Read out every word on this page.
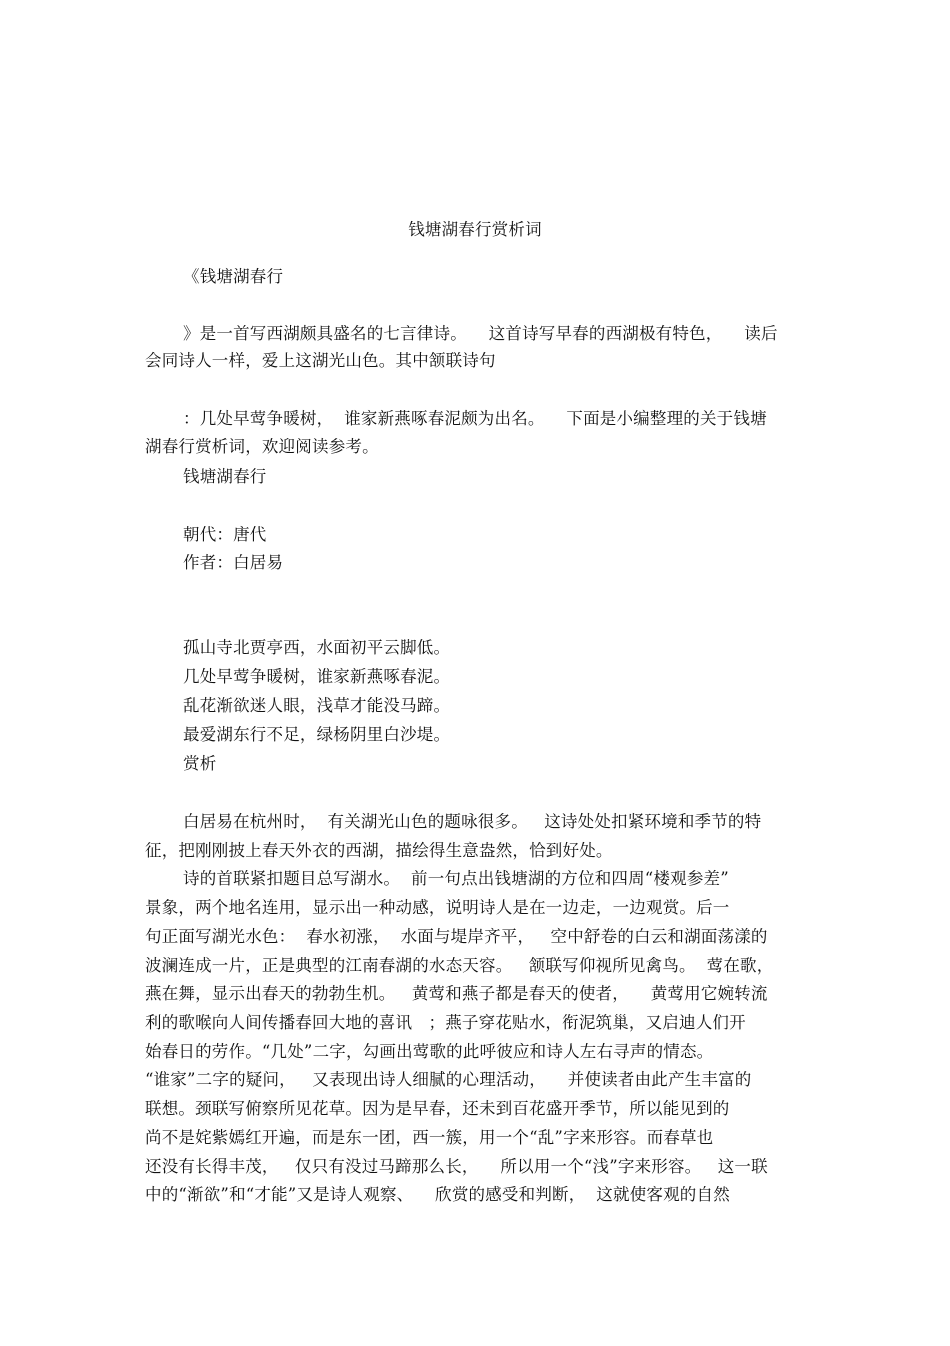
钱塘湖春行赏析词
《钱塘湖春行
》是一首写西湖颇具盛名的七言律诗。    这首诗写早春的西湖极有特色，    读后
会同诗人一样，爱上这湖光山色。其中颔联诗句
：几处早莺争暖树，  谁家新燕啄春泥颇为出名。    下面是小编整理的关于钱塘
湖春行赏析词，欢迎阅读参考。
钱塘湖春行
朝代：唐代
作者：白居易
孤山寺北贾亭西，水面初平云脚低。
几处早莺争暖树，谁家新燕啄春泥。
乱花渐欲迷人眼，浅草才能没马蹄。
最爱湖东行不足，绿杨阴里白沙堤。
赏析
白居易在杭州时，  有关湖光山色的题咏很多。   这诗处处扣紧环境和季节的特
征，把刚刚披上春天外衣的西湖，描绘得生意盎然，恰到好处。
诗的首联紧扣题目总写湖水。  前一句点出钱塘湖的方位和四周“楼观参差”
景象，两个地名连用，显示出一种动感，说明诗人是在一边走，一边观赏。后一
句正面写湖光水色：  春水初涨，  水面与堤岸齐平，   空中舒卷的白云和湖面荡漾的
波澜连成一片，正是典型的江南春湖的水态天容。   颔联写仰视所见禽鸟。  莺在歌，
燕在舞，显示出春天的勃勃生机。   黄莺和燕子都是春天的使者，    黄莺用它婉转流
利的歌喉向人间传播春回大地的喜讯   ；燕子穿花贴水，衔泥筑巢，又启迪人们开
始春日的劳作。“几处”二字，勾画出莺歌的此呼彼应和诗人左右寻声的情态。
“谁家”二字的疑问，   又表现出诗人细腻的心理活动，    并使读者由此产生丰富的
联想。颈联写俯察所见花草。因为是早春，还未到百花盛开季节，所以能见到的
尚不是姹紫嫣红开遍，而是东一团，西一簇，用一个“乱”字来形容。而春草也
还没有长得丰茂，   仅只有没过马蹄那么长，    所以用一个“浅”字来形容。   这一联
中的“渐欲”和“才能”又是诗人观察、    欣赏的感受和判断，  这就使客观的自然
